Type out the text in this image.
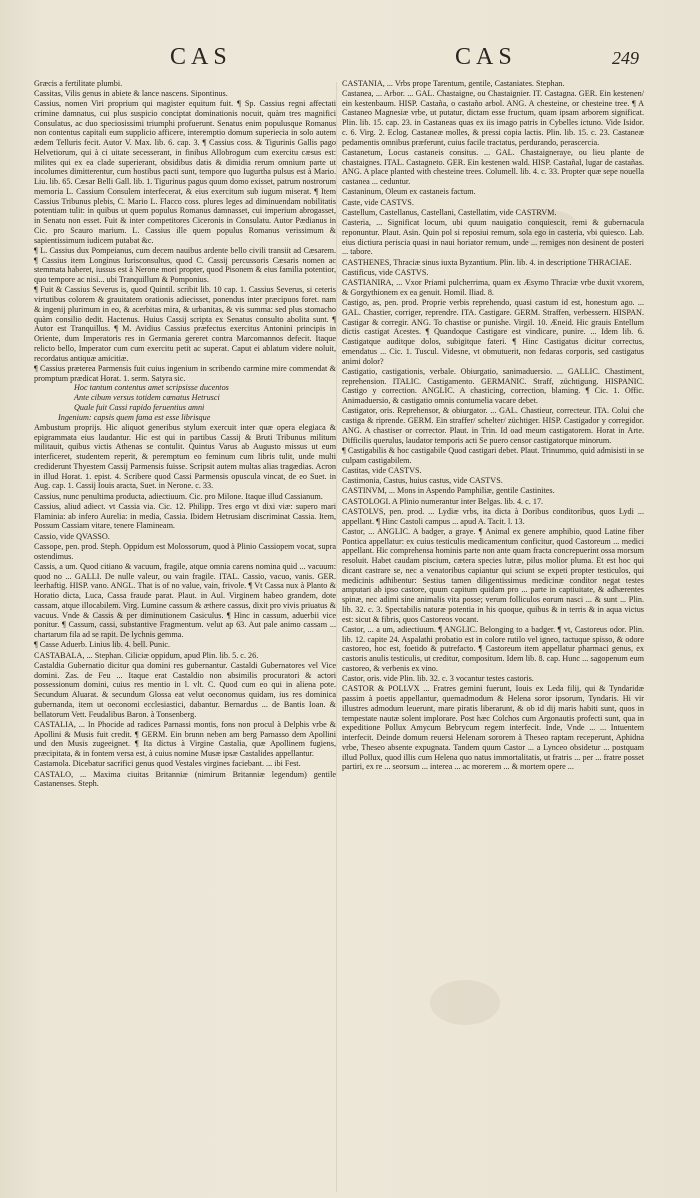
CAS	CAS	249

Græcis a fertilitate plumbi.

Cassitas, Vilis genus in abiete & lance nascens. Sipontinus.

Cassius, nomen Viri proprium qui magister equitum fuit. ¶ Sp. Cassius regni affectati crimine damnatus, cui plus suspicio conciptat dominationis nocuit, quàm tres magnifici Consulatus, ac duo speciosissimi triumphi profuerunt. Senatus enim populusque Romanus non contentus capitali eum supplicio afficere, interemptio domum superiecia in solo autem ædem Telluris fecit. Autor V. Max. lib. 6. cap. 3. ¶ Cassius coss. & Tigurinis Gallis pago Helvetiorum, qui à ci uitate secesserant, in finibus Allobrogum cum exercitu cæsus est: milites qui ex ea clade superierant, obsidibus datis & dimidia rerum omnium parte ut incolumes dimitterentur, cum hostibus pacti sunt, tempore quo Iugurtha pulsus est à Mario. Liu. lib. 65. Cæsar Belli Gall. lib. 1. Tigurinus pagus quum domo exisset, patrum nostrorum memoria L. Cassium Consulem interfecerat, & eius exercitum sub iugum miserat. ¶ Item Cassius Tribunus plebis, C. Mario L. Flacco coss. plures leges ad diminuendam nobilitatis potentiam tulit: in quibus ut quem populus Romanus damnasset, cui imperium abrogasset, in Senatu non esset. Fuit & inter competitores Ciceronis in Consulatu. Autor Pædianus in Cic. pro Scauro marium. L. Cassius ille quem populus Romanus verissimum & sapientissimum iudicem putabat &c.

¶ L. Cassius dux Pompeianus, cum decem nauibus ardente bello civili transiit ad Cæsarem. ¶ Cassius item Longinus Iurisconsultus, quod C. Cassij percussoris Cæsaris nomen ac stemmata haberet, iussus est à Nerone mori propter, quod Pisonem & eius familia potentior, quo tempore ac nisi... ubi Tranquillum & Pomponius.

¶ Fuit & Cassius Severus is, quod Quintil. scribit lib. 10 cap. 1. Cassius Severus, si ceteris virtutibus colorem & grauitatem orationis adiecisset, ponendus inter præcipuos foret. nam & ingenij plurimum in eo, & acerbitas mira, & urbanitas, & vis summa: sed plus stomacho quàm consilio dedit. Hactenus. Huius Cassij scripta ex Senatus consulto abolita sunt. ¶ Autor est Tranquillus. ¶ M. Avidius Cassius præfectus exercitus Antonini principis in Oriente, dum Imperatoris res in Germania gereret contra Marcomannos defecit. Itaque relicto bello, Imperator cum cum exercitu petit ac superat. Caput ei ablatum videre noluit, recordatus antiquæ amicitiæ.

¶ Cassius præterea Parmensis fuit cuius ingenium in scribendo carmine mire commendat & promptum prædicat Horat. 1. serm. Satyra sic.

Hoc tantum contentus amet scripsisse ducentos

Ante cibum versus totidem cœnatus Hetrusci

Quale fuit Cassi rapido feruentius amni

Ingenium: capsis quem fama est esse librisque

Ambustum proprijs. Hic aliquot generibus stylum exercuit inter quæ opera elegiaca & epigrammata eius laudantur. Hic est qui in partibus Cassij & Bruti Tribunus militum militauit, quibus victis Athenas se contulit. Quintus Varus ab Augusto missus ut eum interficeret, studentem reperit, & peremptum eo feminum cum libris tulit, unde multi crediderunt Thyestem Cassij Parmensis fuisse. Scripsit autem multas alias tragædias. Acron in illud Horat. 1. epist. 4. Scribere quod Cassi Parmensis opuscula vincat, de eo Suet. in Aug. cap. 1. Cassij Iouis aracta, Suet. in Nerone. c. 33.

Cassius, nunc penultima producta, adiectiuum. Cic. pro Milone. Itaque illud Cassianum.

Cassius, aliud adiect. vt Cassia via. Cic. 12. Philipp. Tres ergo vt dixi viæ: supero mari Flaminia: ab infero Aurelia: in media, Cassia. Ibidem Hetrusiam discriminat Cassia. Item, Possum Cassiam vitare, tenere Flamineam.

Cassio, vide QVASSO.

Cassope, pen. prod. Steph. Oppidum est Molossorum, quod à Plinio Cassiopem vocat, supra ostendimus.

Cassis, a um. Quod citiano & vacuum, fragile, atque omnia carens nomina quid ... vacuum: quod no ... GALLI. De nulle valeur, ou vain fragile. ITAL. Cassio, vacuo, vanis. GER. leerhaftig. HISP. vano. ANGL. That is of no value, vain, frivole. ¶ Vt Cassa nux à Planto & Horatio dicta, Luca, Cassa fraude parat. Plaut. in Aul. Virginem habeo grandem, dote cassam, atque illocabilem. Virg. Lumine cassum & æthere cassus, dixit pro vivis priuatus & vacuus. Vnde & Cassis & per diminutionem Casiculus. ¶ Hinc in cassum, aduerbii vice ponitur. ¶ Cassum, cassi, substantive Fragmentum. velut ap 63. Aut pale animo cassam ... chartarum fila ad se rapit. De lychnis gemma.

¶ Casse Aduerb. Linius lib. 4. bell. Punic.

CASTABALA, ... Stephan. Ciliciæ oppidum, apud Plin. lib. 5. c. 26.

Castaldia Gubernatio dicitur qua domini res gubernantur. Castaldi Gubernatores vel Vice domini. Zas. de Feu ... Itaque erat Castaldio non absimilis procuratori & actori possessionum domini, cuius res mentio in l. vlt. C. Quod cum eo qui in aliena pote. Secundum Aluarat. & secundum Glossa eat velut oeconomus quidam, ius res dominica gubernanda, item ut oeconomi ecclesiastici, dabantur. Bernardus ... de Bantis Ioan. & bellatorum Vett. Feudalibus Baron. à Tonsenberg.

CASTALIA, ... In Phocide ad radices Parnassi montis, fons non procul à Delphis vrbe & Apollini & Musis fuit credit. ¶ GERM. Ein brunn neben am berg Parnasso dem Apollini und den Musis zugeeignet. ¶ Ita dictus à Virgine Castalia, quæ Apollinem fugiens, præcipitata, & in fontem versa est, à cuius nomine Musæ ipsæ Castalides appellantur.

Castamola. Dicebatur sacrifici genus quod Vestales virgines faciebant. ... ibi Fest.

CASTALO, ... Maxima ciuitas Britanniæ (nimirum Britanniæ legendum) gentile Castanenses. Steph.

CASTANIA, ... Vrbs prope Tarentum, gentile, Castaniates. Stephan.

Castanea, ... Arbor. ... GAL. Chastaigne, ou Chastaignier. IT. Castagna. GER. Ein kestenen/ ein kestenbaum. HISP. Castaña, o castaño arbol. ANG. A chesteine, or chesteine tree. ¶ A Castaneo Magnesiæ vrbe, ut putatur, dictam esse fructum, quam ipsam arborem significat. Plin. lib. 15. cap. 23. in Castaneas quas ex iis imago patris in Cybelles ictuno. Vide Isidor. c. 6. Virg. 2. Eclog. Castaneæ molles, & pressi copia lactis. Plin. lib. 15. c. 23. Castaneæ pedamentis omnibus præferunt, cuius facile tractatus, perdurando, perascercia.

Castanetum, Locus castaneis consitus. ... GAL. Chastaigneraye, ou lieu plante de chastaignes. ITAL. Castagneto. GER. Ein kestenen wald. HISP. Castañal, lugar de castañas. ANG. A place planted with chesteine trees. Columell. lib. 4. c. 33. Propter quæ sepe nouella castanea ... ceduntur.

Castaninum, Oleum ex castaneis factum.

Caste, vide CASTVS.

Castellum, Castellanus, Castellani, Castellatim, vide CASTRVM.

Casteria, ... Significat locum, ubi quum nauigatio conquiescit, remi & gubernacula reponuntur. Plaut. Asin. Quin pol si reposiui remum, sola ego in casteria, vbi quiesco. Lab. eius dictiura periscia quasi in naui horiator remum, unde ... remiges non desinent de posteri ... tabore.

CASTHENES, Thraciæ sinus iuxta Byzantium. Plin. lib. 4. in descriptione THRACIAE.

Castificus, vide CASTVS.

CASTIANIRA, ... Vxor Priami pulcherrima, quam ex Æsymo Thraciæ vrbe duxit vxorem, & Gorgythionem ex ea genuit. Homil. Iliad. 8.

Castigo, as, pen. prod. Proprie verbis reprehendo, quasi castum id est, honestum ago. ... GAL. Chastier, corriger, reprendre. ITA. Castigare. GERM. Straffen, verbessern. HISPAN. Castigar & corregir. ANG. To chastise or punishe. Virgil. 10. Æneid. Hic grauis Entellum dictis castigat Acestes. ¶ Quandoque Castigare est vindicare, punire. ... Idem lib. 6. Castigatque auditque dolos, subigitque fateri. ¶ Hinc Castigatus dicitur correctus, emendatus ... Cic. 1. Tuscul. Videsne, vt obmutuerit, non fedaras corporis, sed castigatus animi dolor?

Castigatio, castigationis, verbale. Obiurgatio, sanimaduersio. ... GALLIC. Chastiment, reprehension. ITALIC. Castigamento. GERMANIC. Straff, züchtigung. HISPANIC. Castigo y correction. ANGLIC. A chasticing, correction, blaming. ¶ Cic. 1. Offic. Animaduersio, & castigatio omnis contumelia vacare debet.

Castigator, oris. Reprehensor, & obiurgator. ... GAL. Chastieur, correcteur. ITA. Colui che castiga & riprende. GERM. Ein straffer/ schelter/ züchtiger. HISP. Castigador y corregidor. ANG. A chastiser or corrector. Plaut. in Trin. Id oad meum castigatorem. Horat in Arte. Difficilis querulus, laudator temporis acti Se puero censor castigatorque minorum.

¶ Castigabilis & hoc castigabile Quod castigari debet. Plaut. Trinummo, quid admisisti in se culpam castigabilem.

Castitas, vide CASTVS.

Castimonia, Castus, huius castus, vide CASTVS.

CASTINVM, ... Mons in Aspendo Pamphiliæ, gentile Castinites.

CASTOLOGI. A Plinio numerantur inter Belgas. lib. 4. c. 17.

CASTOLVS, pen. prod. ... Lydiæ vrbs, ita dicta à Doribus conditoribus, quos Lydi ... appellant. ¶ Hinc Castoli campus ... apud A. Tacit. l. 13.

Castor, ... ANGLIC. A badger, a graye. ¶ Animal ex genere amphibio, quod Latine fiber Pontica appellatur: ex cuius testiculis medicamentum conficitur, quod Castoreum ... medici appellant. Hic comprehensa hominis parte non ante quam fracta concrepuerint ossa morsum resoluit. Habet caudam piscium, cætera species lutræ, pilus molior pluma. Et est hoc qui dicant castrare se, nec a venatoribus capiantur qui sciunt se expeti propter testiculos, qui medicinis adhibentur: Sestius tamen diligentissimus medicinæ conditor negat testes amputari ab ipso castore, quum capitum quidam pro ... parte in captiuitate, & adhærentes spinæ, nec adimi sine animalis vita posse; verum folliculos eorum nasci ... & sunt ... Plin. lib. 32. c. 3. Spectabilis naturæ potentia in his quoque, quibus & in terris & in aqua victus est: sicut & fibris, quos Castoreos vocant.

Castor, ... a um, adiectiuum. ¶ ANGLIC. Belonging to a badger. ¶ vt, Castoreus odor. Plin. lib. 12. capite 24. Aspalathi probatio est in colore rutilo vel igneo, tactuque spisso, & odore castoreo, hoc est, foetido & putrefacto. ¶ Castoreum item appellatur pharmaci genus, ex castoris anulis testiculis, ut creditur, compositum. Idem lib. 8. cap. Hunc ... sagopenum eum castoreo, & verbenis ex vino.

Castor, oris. vide Plin. lib. 32. c. 3 vocantur testes castoris.

CASTOR & POLLVX ... Fratres gemini fuerunt, Iouis ex Leda filij, qui & Tyndaridæ passim à poetis appellantur, quemadmodum & Helena soror ipsorum, Tyndaris. Hi vir illustres admodum leuerunt, mare piratis liberarunt, & ob id dij maris habiti sunt, quos in tempestate nautæ solent implorare. Post hæc Colchos cum Argonautis profecti sunt, qua in expeditione Pollux Amycum Bebrycum regem interfecit. Inde, Vnde ... ... Intuentem interfecit. Deinde domum reuersi Helenam sororem à Theseo raptam receperunt, Aphidna vrbe, Theseo absente expugnata. Tandem quum Castor ... a Lynceo obsidetur ... postquam illud Pollux, quod illis cum Helena quo natus immortalitatis, ut fratris ... per ... fratre posset partiri, ex re ... seorsum ... interea ... ac morerem ... & mortem opere ...
